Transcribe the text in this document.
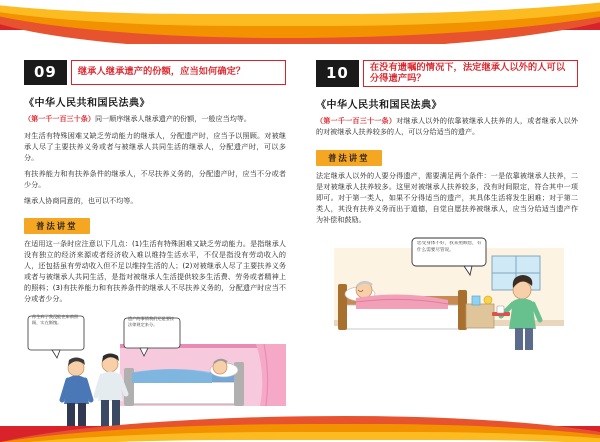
09	继承人继承遗产的份额，应当如何确定？
《中华人民共和国民法典》
（第一千一百三十条）同一顺序继承人继承遗产的份额，一般应当均等。
对生活有特殊困难又缺乏劳动能力的继承人，分配遗产时，应当予以照顾。对被继承人尽了主要扶养义务或者与被继承人共同生活的继承人，分配遗产时，可以多分。
有扶养能力和有扶养条件的继承人，不尽扶养义务的，分配遗产时，应当不分或者少分。
继承人协商同意的，也可以不均等。
普法讲堂
在适用这一条时应注意以下几点：(1)生活有特殊困难又缺乏劳动能力。是指继承人没有独立的经济来源或者经济收入难以维持生活水平，不仅是指没有劳动收入的人，还包括虽有劳动收入但不足以维持生活的人；(2)对被继承人尽了主要扶养义务或者与被继承人共同生活，是指对被继承人生活提供较多生活费、劳务或者精神上的照料；(3)有扶养能力和有扶养条件的继承人不尽扶养义务的，分配遗产时应当不分或者少分。
你生病了我没能在床前照顾，实在惭愧。
遗产的事情我们还是要按法律规定来分。
10	在没有遗嘱的情况下，法定继承人以外的人可以分得遗产吗？
《中华人民共和国民法典》
（第一千一百三十一条）对继承人以外的依靠被继承人扶养的人，或者继承人以外的对被继承人扶养较多的人，可以分给适当的遗产。
普法讲堂
法定继承人以外的人要分得遗产，需要满足两个条件：一是依靠被继承人扶养，二是对被继承人扶养较多。这里对被继承人扶养较多，没有时间限定，符合其中一项即可。对于第一类人，如果不分得适当的遗产，其具体生活将发生困难；对于第二类人，其没有扶养义务而出于道德，自觉自愿扶养被继承人，应当分给适当遗产作为补偿和鼓励。
您受身体不好，我来照顾您，有什么需要尽管说。
